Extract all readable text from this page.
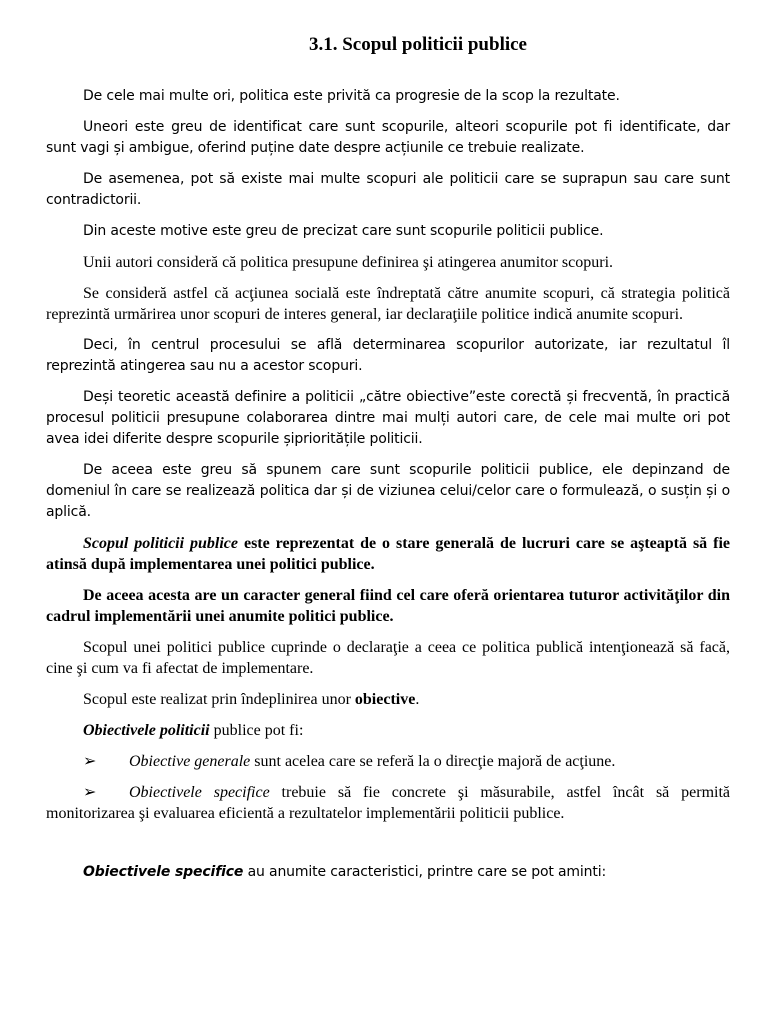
3.1. Scopul politicii publice

De cele mai multe ori, politica este privită ca progresie de la scop la rezultate.

Uneori este greu de identificat care sunt scopurile, alteori scopurile pot fi identificate, dar sunt vagi și ambigue, oferind puține date despre acțiunile ce trebuie realizate.

De asemenea, pot să existe mai multe scopuri ale politicii care se suprapun sau care sunt contradictorii.

Din aceste motive este greu de precizat care sunt scopurile politicii publice.

Unii autori consideră că politica presupune definirea şi atingerea anumitor scopuri.

Se consideră astfel că acţiunea socială este îndreptată către anumite scopuri, că strategia politică reprezintă urmărirea unor scopuri de interes general, iar declaraţiile politice indică anumite scopuri.

Deci, în centrul procesului se află determinarea scopurilor autorizate, iar rezultatul îl reprezintă atingerea sau nu a acestor scopuri.

Deși teoretic această definire a politicii „către obiective”este corectă și frecventă, în practică procesul politicii presupune colaborarea dintre mai mulți autori care, de cele mai multe ori pot avea idei diferite despre scopurile șiprioritățile politicii.

De aceea este greu să spunem care sunt scopurile politicii publice, ele depinzand de domeniul în care se realizează politica dar și de viziunea celui/celor care o formulează, o susțin și o aplică.

Scopul politicii publice este reprezentat de o stare generală de lucruri care se aşteaptă să fie atinsă după implementarea unei politici publice.

De aceea acesta are un caracter general fiind cel care oferă orientarea tuturor activităţilor din cadrul implementării unei anumite politici publice.

Scopul unei politici publice cuprinde o declaraţie a ceea ce politica publică intenţionează să facă, cine şi cum va fi afectat de implementare.

Scopul este realizat prin îndeplinirea unor obiective.

Obiectivele politicii publice pot fi:

➢ Obiective generale sunt acelea care se referă la o direcţie majoră de acţiune.
➢ Obiectivele specifice trebuie să fie concrete şi măsurabile, astfel încât să permită monitorizarea şi evaluarea eficientă a rezultatelor implementării politicii publice.

Obiectivele specifice au anumite caracteristici, printre care se pot aminti:
